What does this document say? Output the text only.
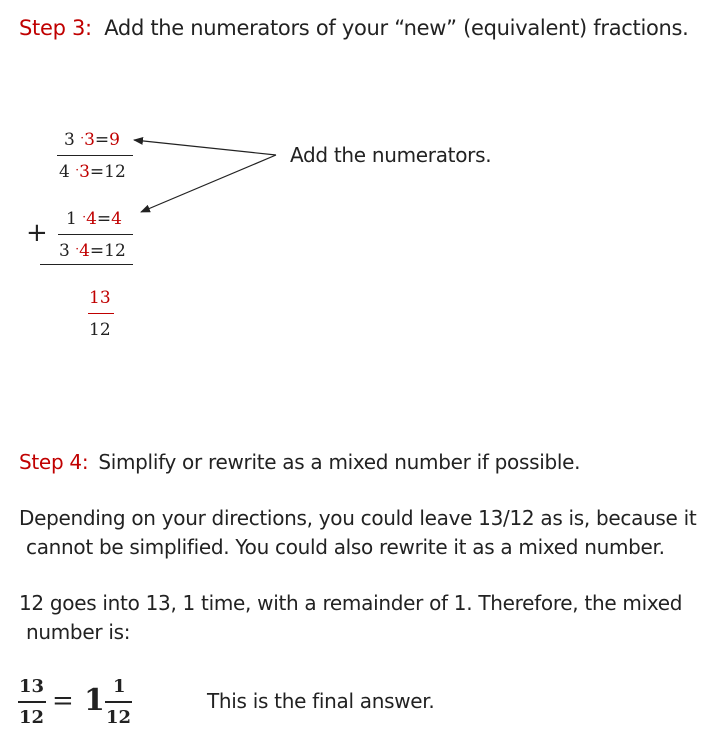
Step 3: Add the numerators of your “new” (equivalent) fractions.
3 ·3=9
4 ·3=12
+ 1 ·4=4
3 ·4=12
13
12
Add the numerators.
Step 4: Simplify or rewrite as a mixed number if possible.
Depending on your directions, you could leave 13/12 as is, because it
cannot be simplified. You could also rewrite it as a mixed number.
12 goes into 13, 1 time, with a remainder of 1. Therefore, the mixed
number is:
13
12
= 1 1
12
This is the final answer.
